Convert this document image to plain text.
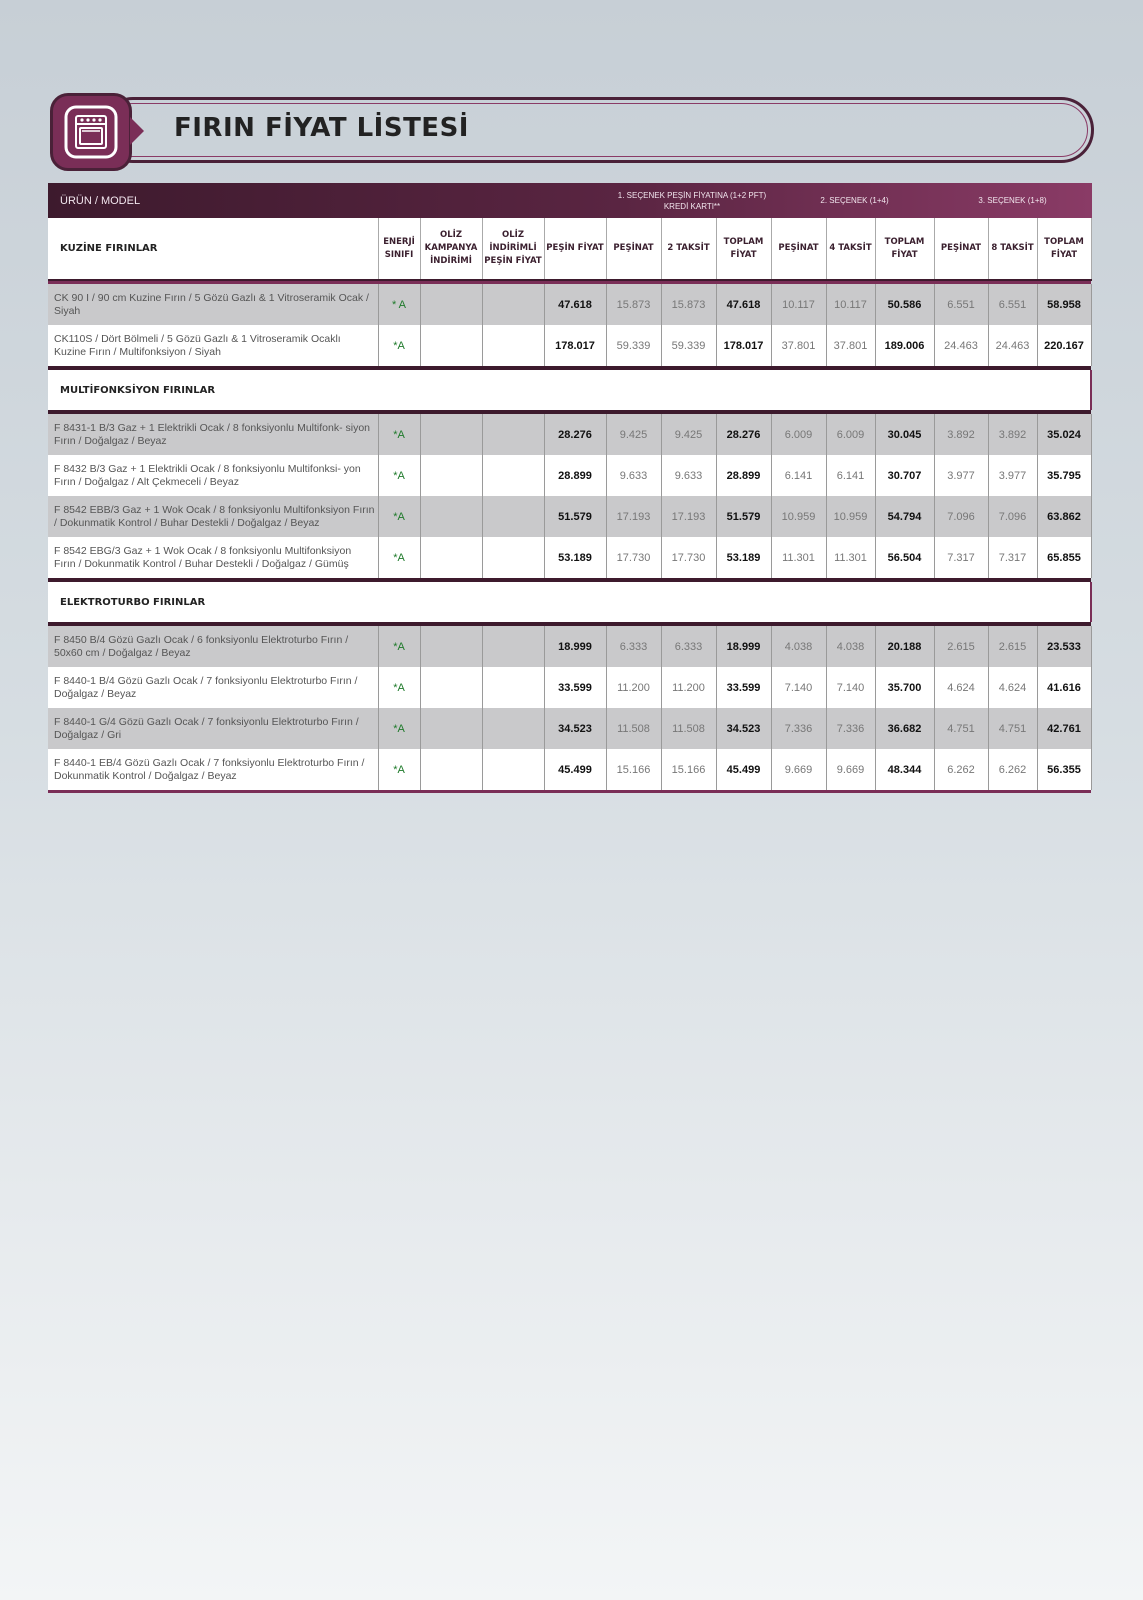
FIRIN FİYAT LİSTESİ
ÜRÜN / MODEL	1. SEÇENEK PEŞİN FİYATINA (1+2 PFT) KREDİ KARTI**
2. SEÇENEK (1+4)	3. SEÇENEK (1+8)
KUZİNE FIRINLAR	ENERJİ SINIFI	OLİZ KAMPANYA İNDİRİMİ	OLİZ İNDİRİMLİ PEŞİN FİYAT	PEŞİN FİYAT	PEŞİNAT	2 TAKSİT	TOPLAM FİYAT	PEŞİNAT	4 TAKSİT	TOPLAM FİYAT	PEŞİNAT	8 TAKSİT	TOPLAM FİYAT

CK 90 I / 90 cm Kuzine Fırın / 5 Gözü Gazlı & 1 Vitroseramik Ocak / Siyah	* A			47.618	15.873	15.873	47.618	10.117	10.117	50.586	6.551	6.551	58.958
CK110S / Dört Bölmeli / 5 Gözü Gazlı & 1 Vitroseramik Ocaklı Kuzine Fırın / Multifonksiyon / Siyah	*A			178.017	59.339	59.339	178.017	37.801	37.801	189.006	24.463	24.463	220.167

MULTİFONKSİYON FIRINLAR													

F 8431-1 B/3 Gaz + 1 Elektrikli Ocak / 8 fonksiyonlu Multifonk- siyon Fırın / Doğalgaz / Beyaz	*A			28.276	9.425	9.425	28.276	6.009	6.009	30.045	3.892	3.892	35.024
F 8432 B/3 Gaz + 1 Elektrikli Ocak / 8 fonksiyonlu Multifonksi- yon Fırın / Doğalgaz / Alt Çekmeceli / Beyaz	*A			28.899	9.633	9.633	28.899	6.141	6.141	30.707	3.977	3.977	35.795
F 8542 EBB/3 Gaz + 1 Wok Ocak / 8 fonksiyonlu Multifonksiyon Fırın / Dokunmatik Kontrol / Buhar Destekli / Doğalgaz / Beyaz	*A			51.579	17.193	17.193	51.579	10.959	10.959	54.794	7.096	7.096	63.862
F 8542 EBG/3 Gaz + 1 Wok Ocak / 8 fonksiyonlu Multifonksiyon Fırın / Dokunmatik Kontrol / Buhar Destekli / Doğalgaz / Gümüş	*A			53.189	17.730	17.730	53.189	11.301	11.301	56.504	7.317	7.317	65.855

ELEKTROTURBO FIRINLAR													

F 8450 B/4 Gözü Gazlı Ocak / 6 fonksiyonlu Elektroturbo Fırın / 50x60 cm / Doğalgaz / Beyaz	*A			18.999	6.333	6.333	18.999	4.038	4.038	20.188	2.615	2.615	23.533
F 8440-1 B/4 Gözü Gazlı Ocak / 7 fonksiyonlu Elektroturbo Fırın / Doğalgaz / Beyaz	*A			33.599	11.200	11.200	33.599	7.140	7.140	35.700	4.624	4.624	41.616
F 8440-1 G/4 Gözü Gazlı Ocak / 7 fonksiyonlu Elektroturbo Fırın / Doğalgaz / Gri	*A			34.523	11.508	11.508	34.523	7.336	7.336	36.682	4.751	4.751	42.761
F 8440-1 EB/4 Gözü Gazlı Ocak / 7 fonksiyonlu Elektroturbo Fırın / Dokunmatik Kontrol / Doğalgaz / Beyaz	*A			45.499	15.166	15.166	45.499	9.669	9.669	48.344	6.262	6.262	56.355
